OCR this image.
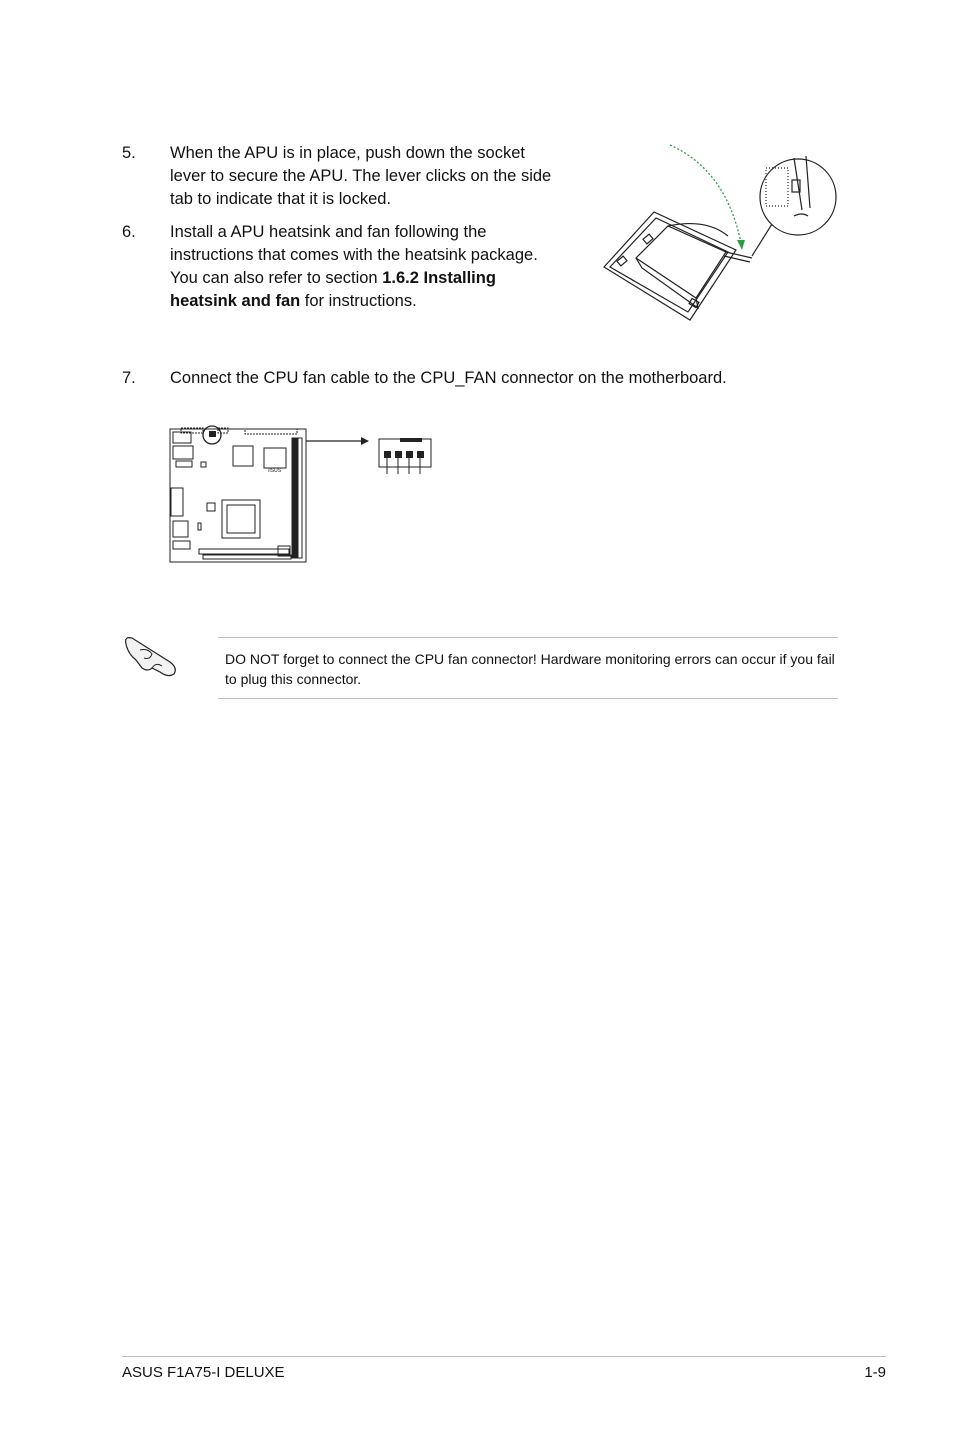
5. When the APU is in place, push down the socket
lever to secure the APU. The lever clicks on the side
tab to indicate that it is locked.
6. Install a APU heatsink and fan following the
instructions that comes with the heatsink package.
You can also refer to section 1.6.2 Installing
heatsink and fan for instructions.
7. Connect the CPU fan cable to the CPU_FAN connector on the motherboard.
/ISUS
DO NOT forget to connect the CPU fan connector! Hardware monitoring errors can occur if you fail to plug this connector.
ASUS F1A75-I DELUXE	1-9
